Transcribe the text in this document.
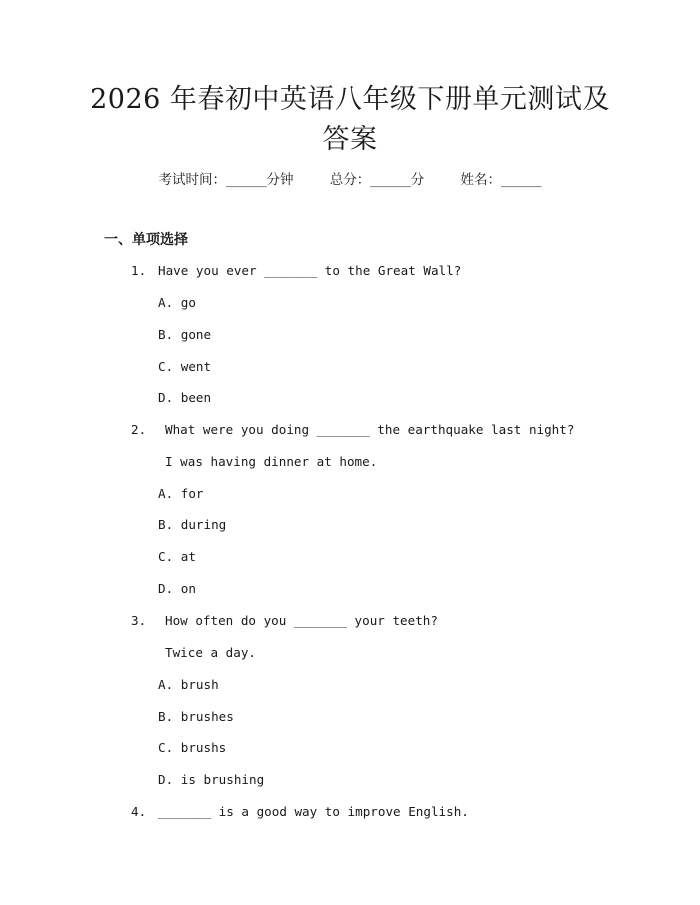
2026 年春初中英语八年级下册单元测试及答案
考试时间：______分钟	总分：______分	姓名：______
一、单项选择
1. Have you ever _______ to the Great Wall?
A. go
B. gone
C. went
D. been
2. What were you doing _______ the earthquake last night?
I was having dinner at home.
A. for
B. during
C. at
D. on
3. How often do you _______ your teeth?
Twice a day.
A. brush
B. brushes
C. brushs
D. is brushing
4. _______ is a good way to improve English.
